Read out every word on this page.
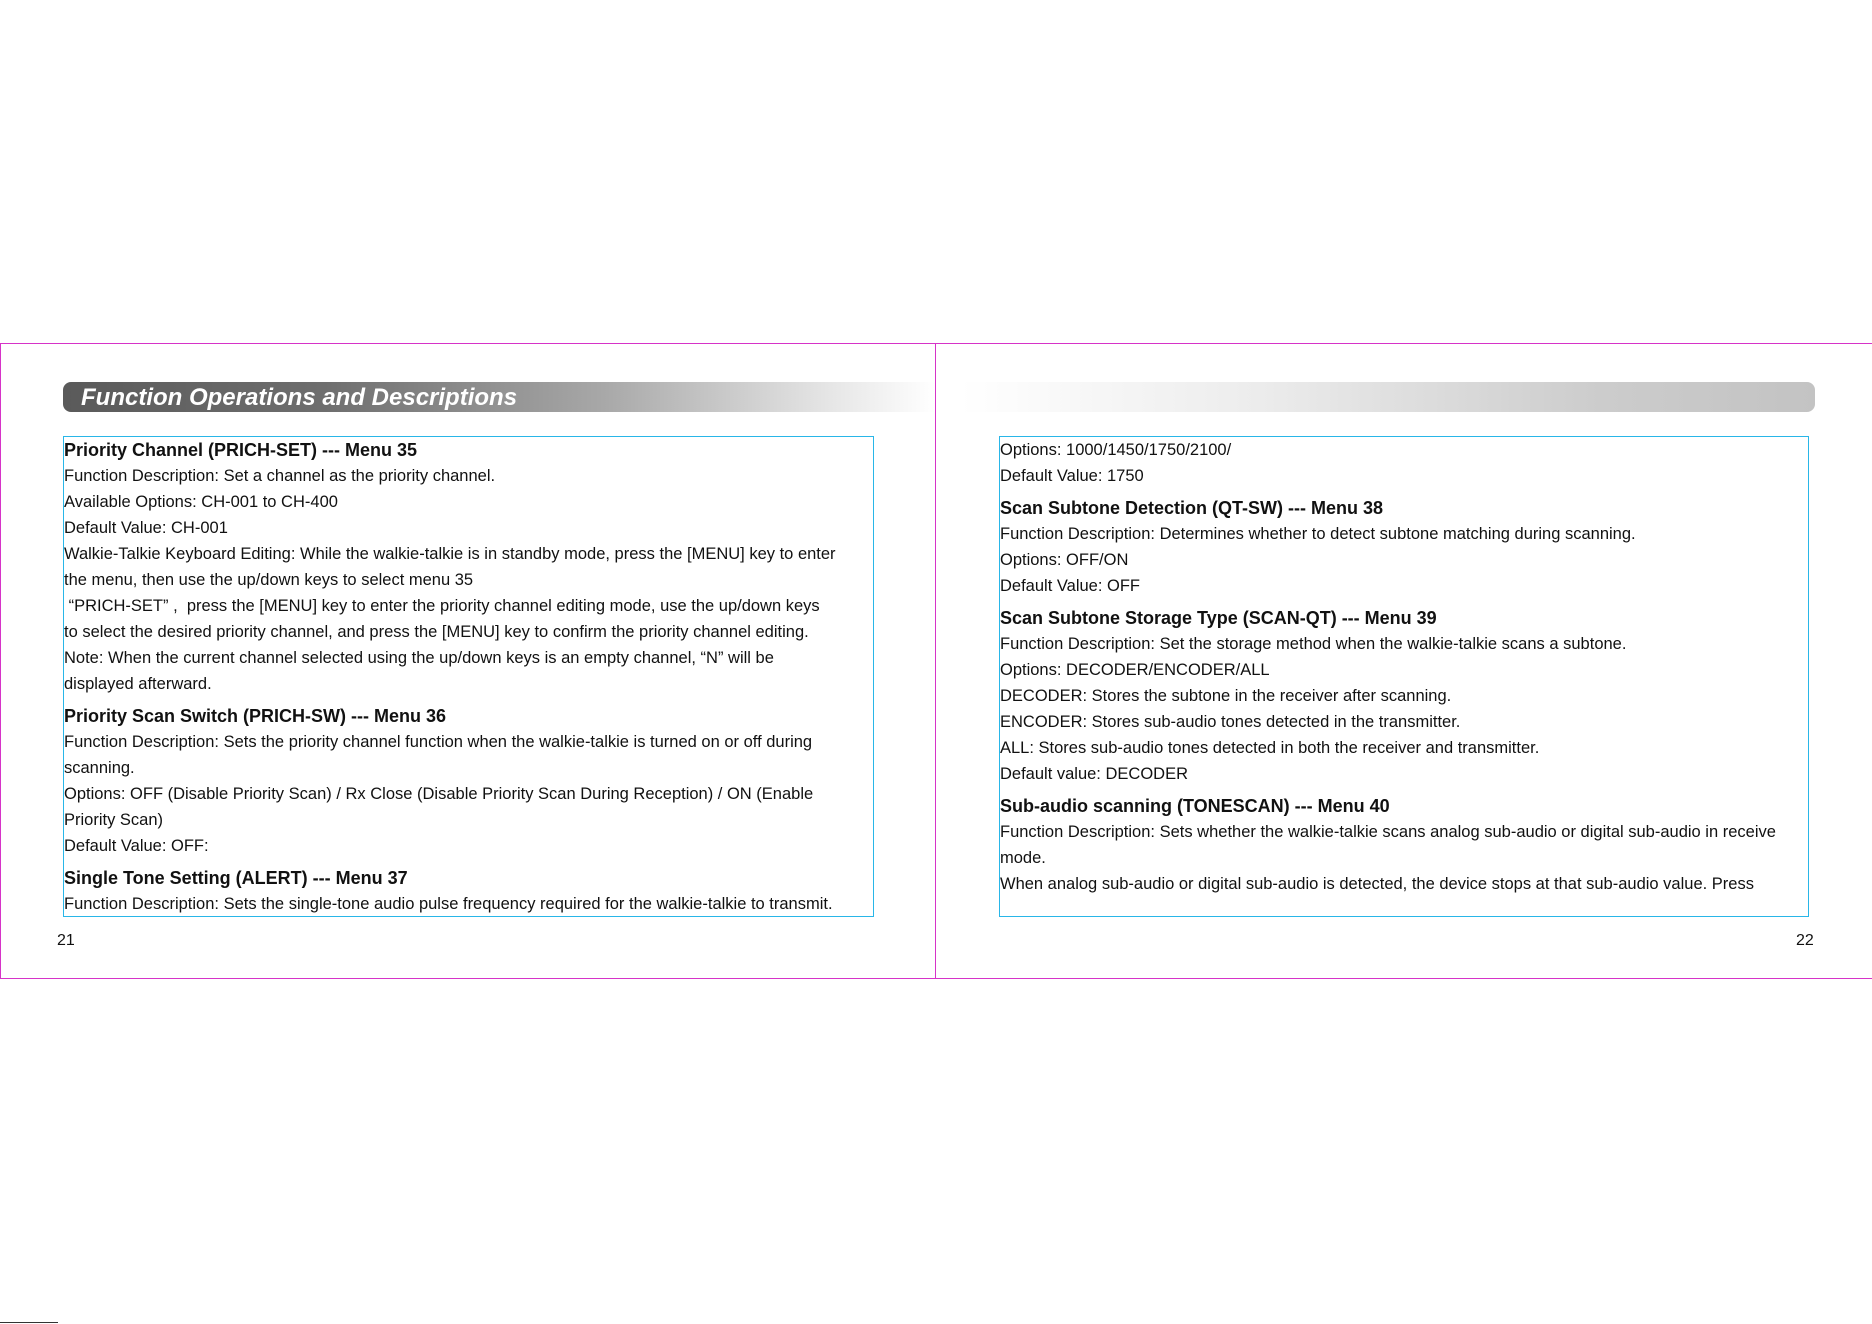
Function Operations and Descriptions
Priority Channel (PRICH-SET) --- Menu 35
Function Description: Set a channel as the priority channel.
Available Options: CH-001 to CH-400
Default Value: CH-001
Walkie-Talkie Keyboard Editing: While the walkie-talkie is in standby mode, press the [MENU] key to enter
the menu, then use the up/down keys to select menu 35
“PRICH-SET” ,  press the [MENU] key to enter the priority channel editing mode, use the up/down keys
to select the desired priority channel, and press the [MENU] key to confirm the priority channel editing.
Note: When the current channel selected using the up/down keys is an empty channel, “N” will be
displayed afterward.
Priority Scan Switch (PRICH-SW) --- Menu 36
Function Description: Sets the priority channel function when the walkie-talkie is turned on or off during
scanning.
Options: OFF (Disable Priority Scan) / Rx Close (Disable Priority Scan During Reception) / ON (Enable
Priority Scan)
Default Value: OFF:
Single Tone Setting (ALERT) --- Menu 37
Function Description: Sets the single-tone audio pulse frequency required for the walkie-talkie to transmit.
Options: 1000/1450/1750/2100/
Default Value: 1750
Scan Subtone Detection (QT-SW) --- Menu 38
Function Description: Determines whether to detect subtone matching during scanning.
Options: OFF/ON
Default Value: OFF
Scan Subtone Storage Type (SCAN-QT) --- Menu 39
Function Description: Set the storage method when the walkie-talkie scans a subtone.
Options: DECODER/ENCODER/ALL
DECODER: Stores the subtone in the receiver after scanning.
ENCODER: Stores sub-audio tones detected in the transmitter.
ALL: Stores sub-audio tones detected in both the receiver and transmitter.
Default value: DECODER
Sub-audio scanning (TONESCAN) --- Menu 40
Function Description: Sets whether the walkie-talkie scans analog sub-audio or digital sub-audio in receive
mode.
When analog sub-audio or digital sub-audio is detected, the device stops at that sub-audio value. Press
21	22
